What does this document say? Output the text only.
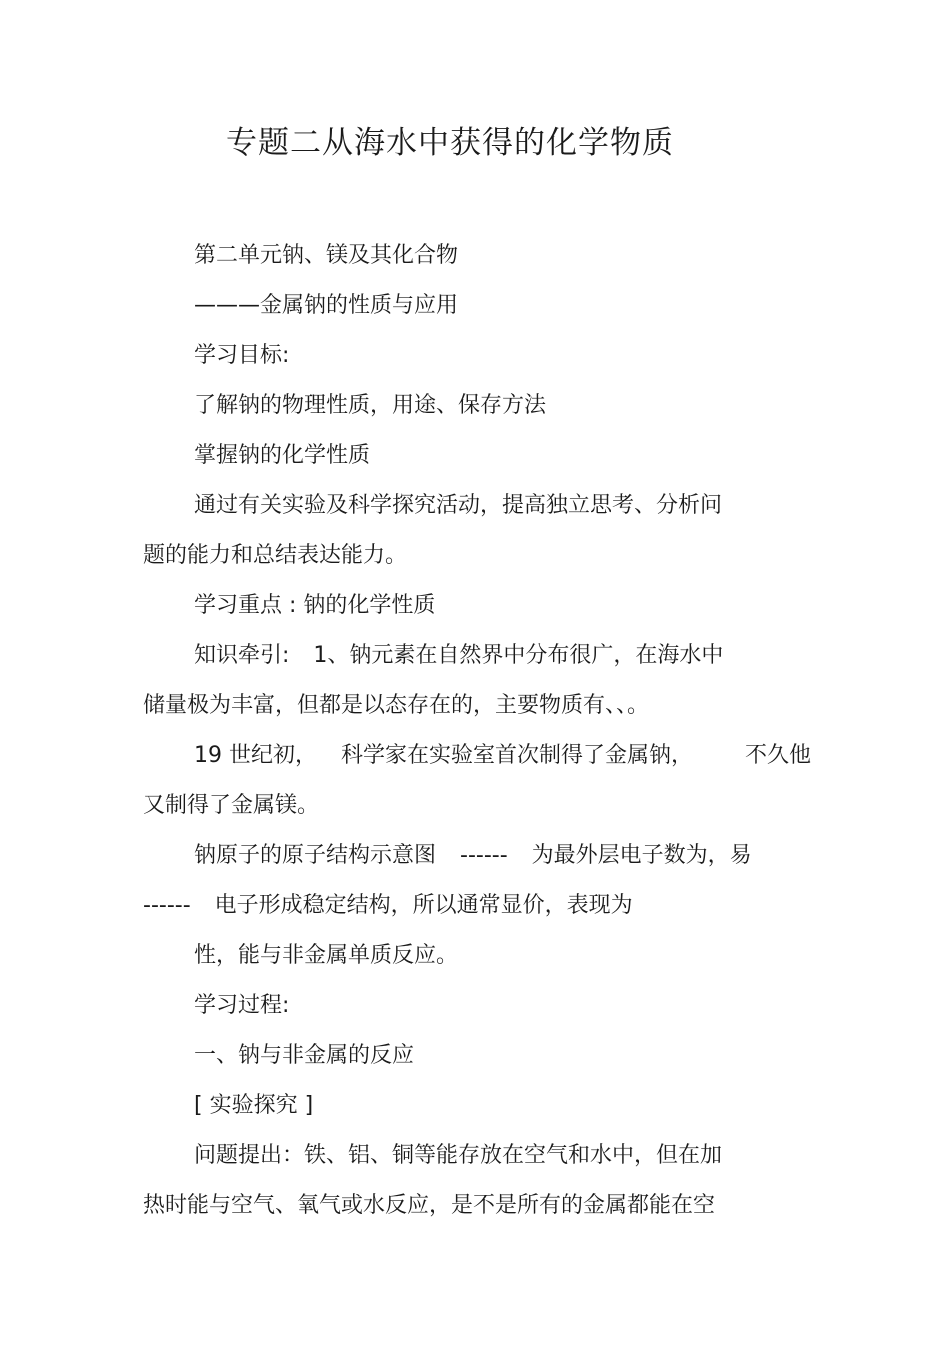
专题二从海水中获得的化学物质
第二单元钠、镁及其化合物
———金属钠的性质与应用
学习目标:
了解钠的物理性质，用途、保存方法
掌握钠的化学性质
通过有关实验及科学探究活动，提高独立思考、分析问
题的能力和总结表达能力。
学习重点 : 钠的化学性质
知识牵引: 1、钠元素在自然界中分布很广，在海水中
储量极为丰富，但都是以态存在的，主要物质有、、。
19 世纪初， 科学家在实验室首次制得了金属钠， 不久他
又制得了金属镁。
钠原子的原子结构示意图 ------ 为最外层电子数为，易
------ 电子形成稳定结构，所以通常显价，表现为
性，能与非金属单质反应。
学习过程:
一、钠与非金属的反应
[ 实验探究 ]
问题提出：铁、铝、铜等能存放在空气和水中，但在加
热时能与空气、氧气或水反应，是不是所有的金属都能在空
